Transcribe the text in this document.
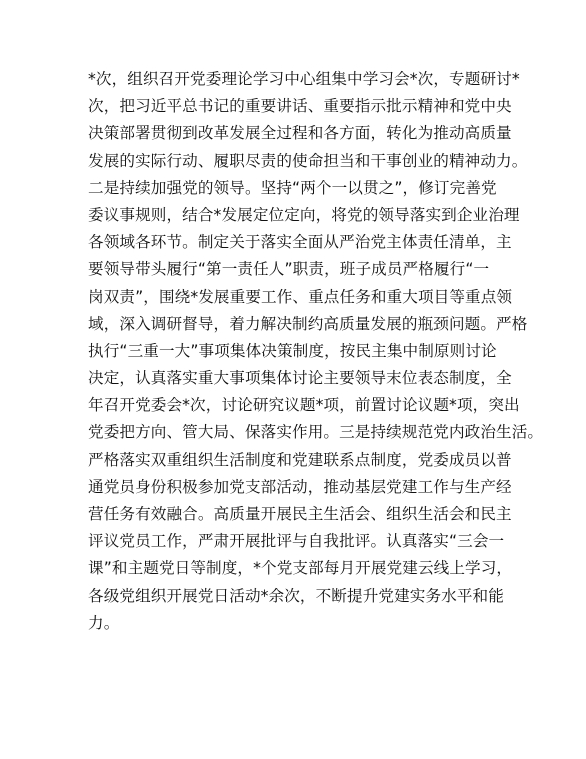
*次，组织召开党委理论学习中心组集中学习会*次，专题研讨*
次，把习近平总书记的重要讲话、重要指示批示精神和党中央
决策部署贯彻到改革发展全过程和各方面，转化为推动高质量
发展的实际行动、履职尽责的使命担当和干事创业的精神动力。
二是持续加强党的领导。坚持“两个一以贯之”，修订完善党
委议事规则，结合*发展定位定向，将党的领导落实到企业治理
各领域各环节。制定关于落实全面从严治党主体责任清单，主
要领导带头履行“第一责任人”职责，班子成员严格履行“一
岗双责”，围绕*发展重要工作、重点任务和重大项目等重点领
域，深入调研督导，着力解决制约高质量发展的瓶颈问题。严格
执行“三重一大”事项集体决策制度，按民主集中制原则讨论
决定，认真落实重大事项集体讨论主要领导末位表态制度，全
年召开党委会*次，讨论研究议题*项，前置讨论议题*项，突出
党委把方向、管大局、保落实作用。三是持续规范党内政治生活。
严格落实双重组织生活制度和党建联系点制度，党委成员以普
通党员身份积极参加党支部活动，推动基层党建工作与生产经
营任务有效融合。高质量开展民主生活会、组织生活会和民主
评议党员工作，严肃开展批评与自我批评。认真落实“三会一
课”和主题党日等制度，*个党支部每月开展党建云线上学习，
各级党组织开展党日活动*余次，不断提升党建实务水平和能
力。
